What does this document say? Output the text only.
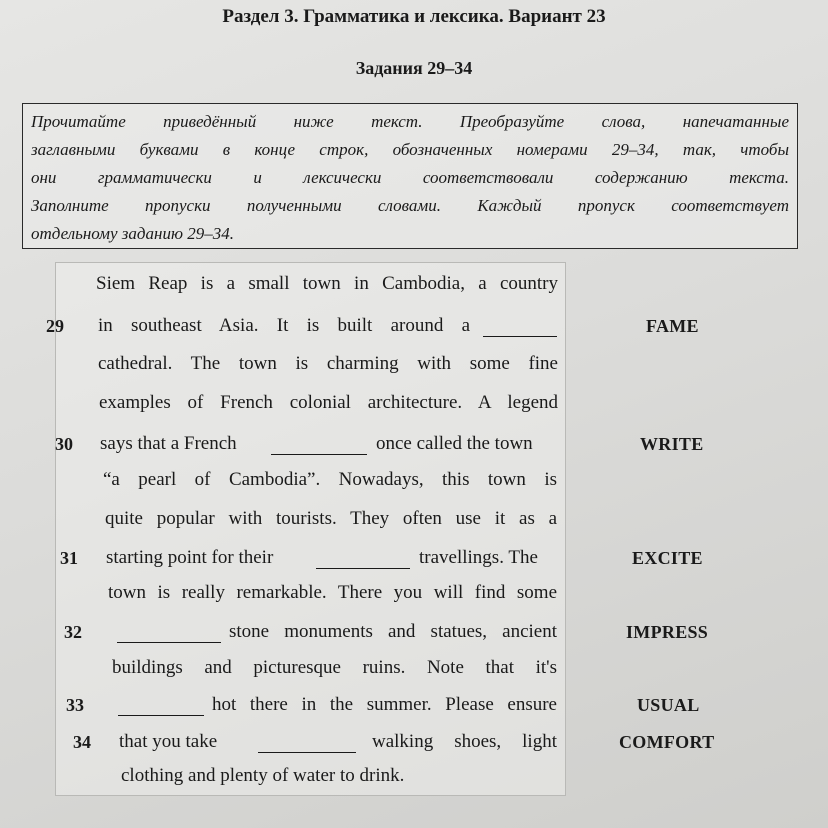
Раздел 3. Грамматика и лексика. Вариант 23
Задания 29–34
Прочитайте приведённый ниже текст. Преобразуйте слова, напечатанные
заглавными буквами в конце строк, обозначенных номерами 29–34, так, чтобы
они грамматически и лексически соответствовали содержанию текста.
Заполните пропуски полученными словами. Каждый пропуск соответствует
отдельному заданию 29–34.
Siem Reap is a small town in Cambodia, a country
29 in southeast Asia. It is built around a	FAME
cathedral. The town is charming with some fine
examples of French colonial architecture. A legend
30 says that a French	once called the town	WRITE
“a pearl of Cambodia”. Nowadays, this town is
quite popular with tourists. They often use it as a
31 starting point for their	travellings. The	EXCITE
town is really remarkable. There you will find some
32	stone monuments and statues, ancient	IMPRESS
buildings and picturesque ruins. Note that it's
33	hot there in the summer. Please ensure	USUAL
34 that you take	walking shoes, light	COMFORT
clothing and plenty of water to drink.
